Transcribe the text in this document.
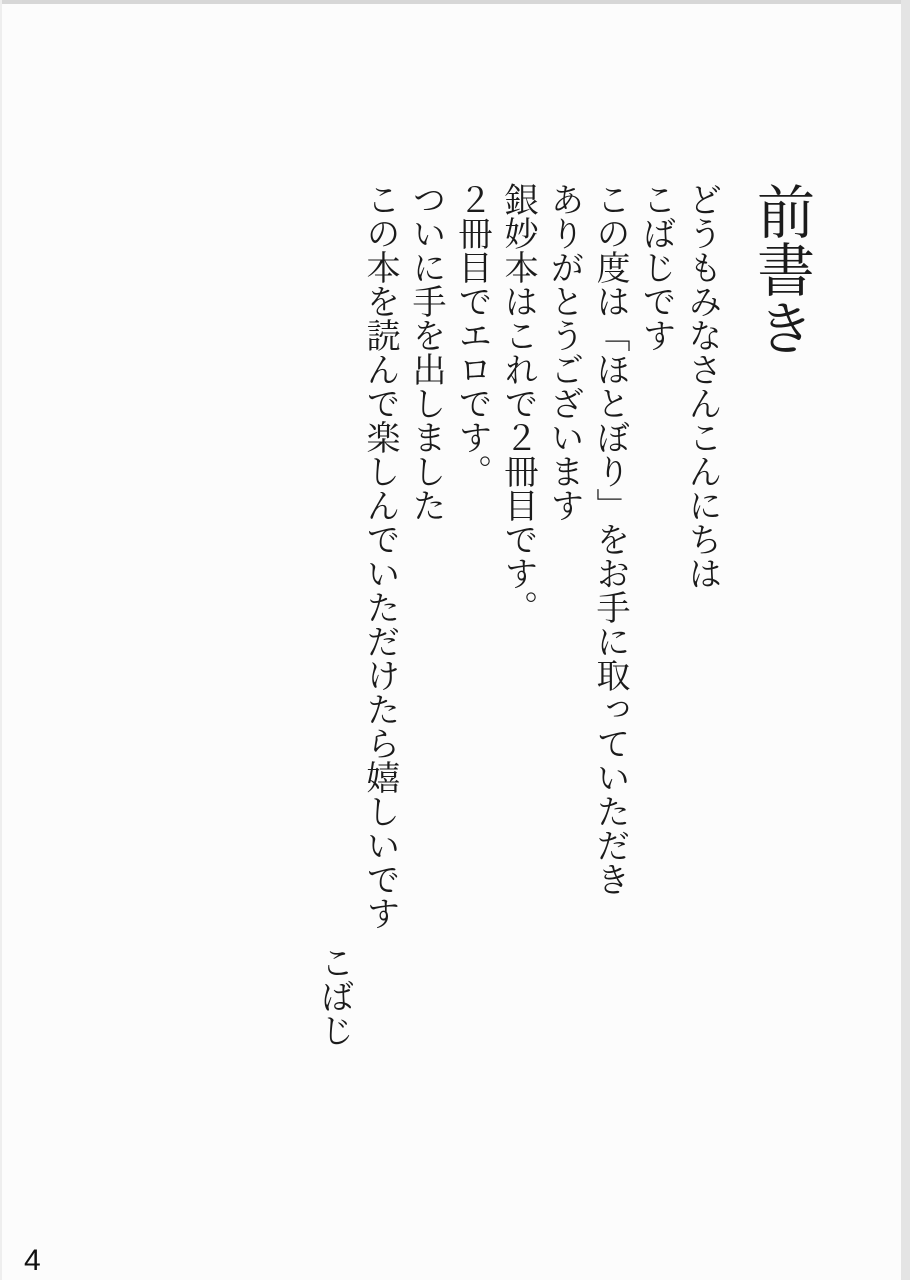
前書き

どうもみなさんこんにちは

こばじです

この度は「ほとぼり」をお手に取っていただき

ありがとうございます

銀妙本はこれで２冊目です。

２冊目でエロです。

ついに手を出しました

この本を読んで楽しんでいただけたら嬉しいです

こばじ

4
